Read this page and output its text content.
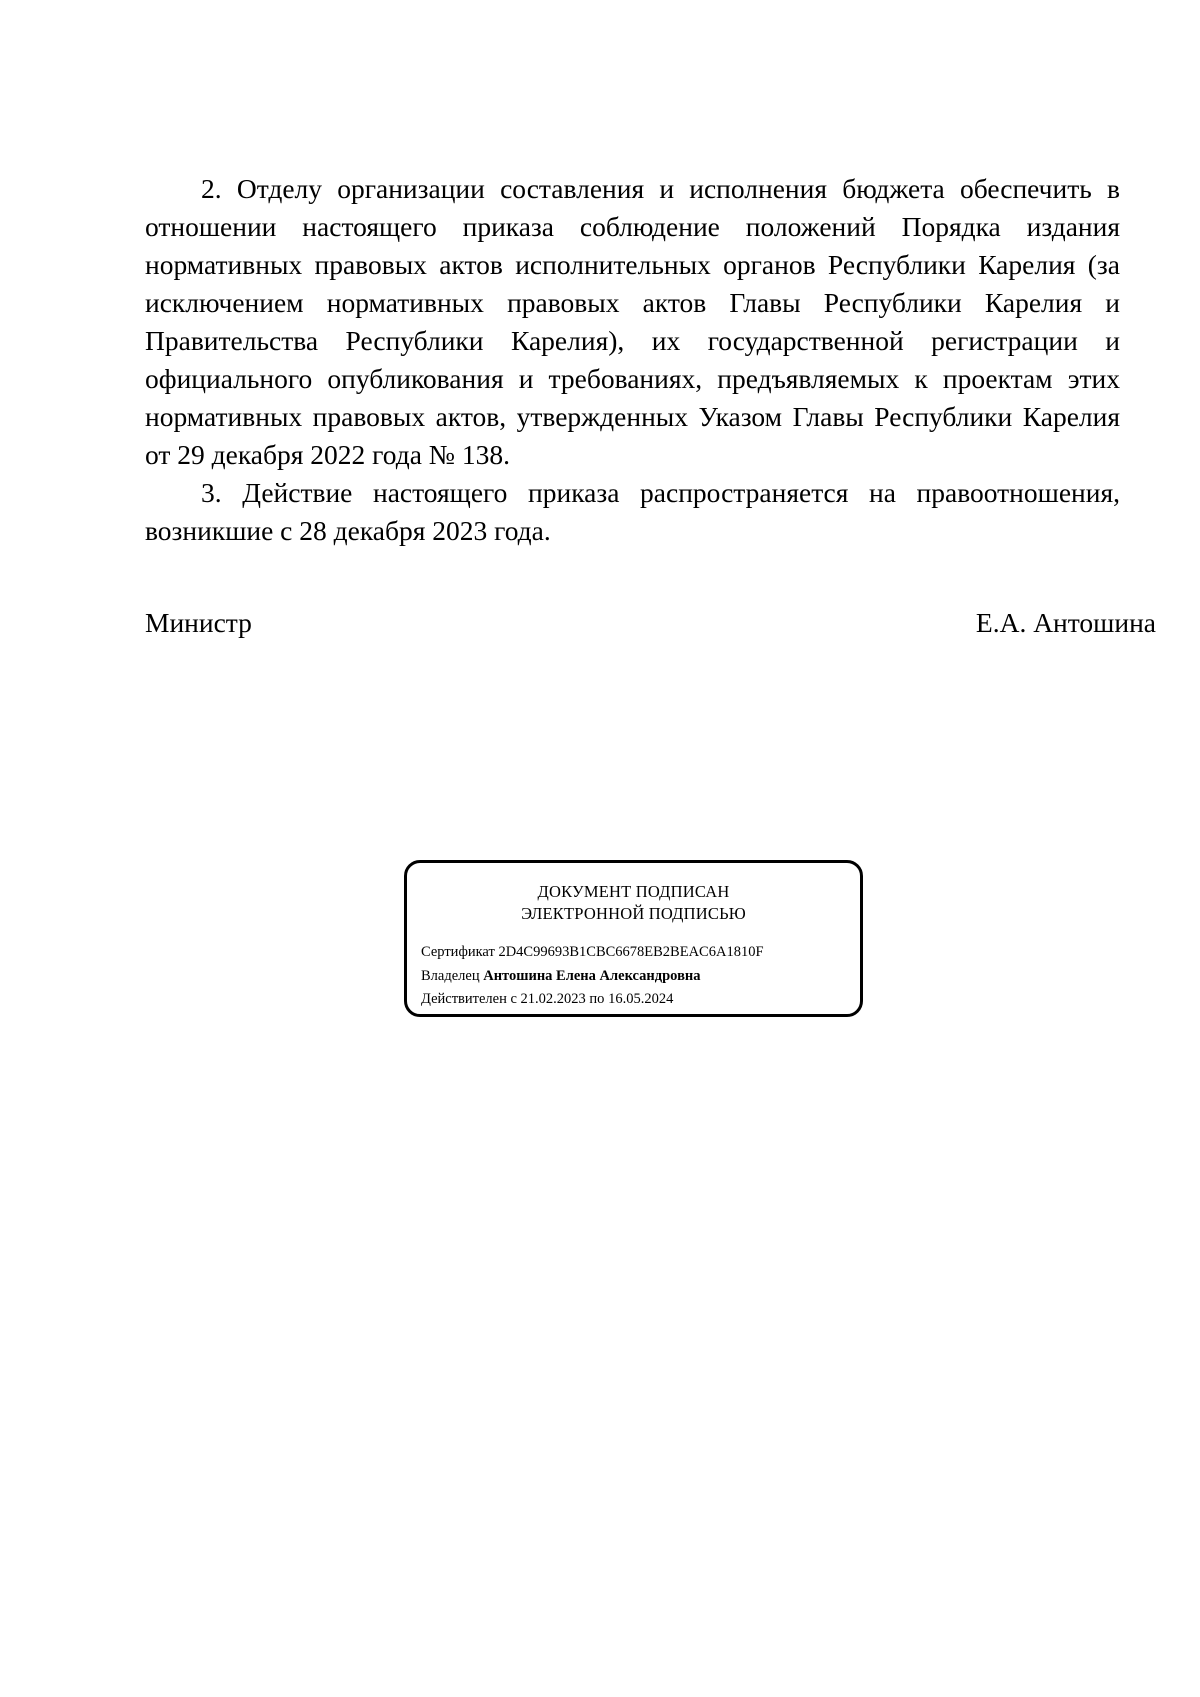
2. Отделу организации составления и исполнения бюджета обеспечить в отношении настоящего приказа соблюдение положений Порядка издания нормативных правовых актов исполнительных органов Республики Карелия (за исключением нормативных правовых актов Главы Республики Карелия и Правительства Республики Карелия), их государственной регистрации и официального опубликования и требованиях, предъявляемых к проектам этих нормативных правовых актов, утвержденных Указом Главы Республики Карелия от 29 декабря 2022 года № 138.

3. Действие настоящего приказа распространяется на правоотношения, возникшие с 28 декабря 2023 года.

Министр	Е.А. Антошина
ДОКУМЕНТ ПОДПИСАН
ЭЛЕКТРОННОЙ ПОДПИСЬЮ
Сертификат 2D4C99693B1CBC6678EB2BEAC6A1810F
Владелец Антошина Елена Александровна
Действителен с 21.02.2023 по 16.05.2024
